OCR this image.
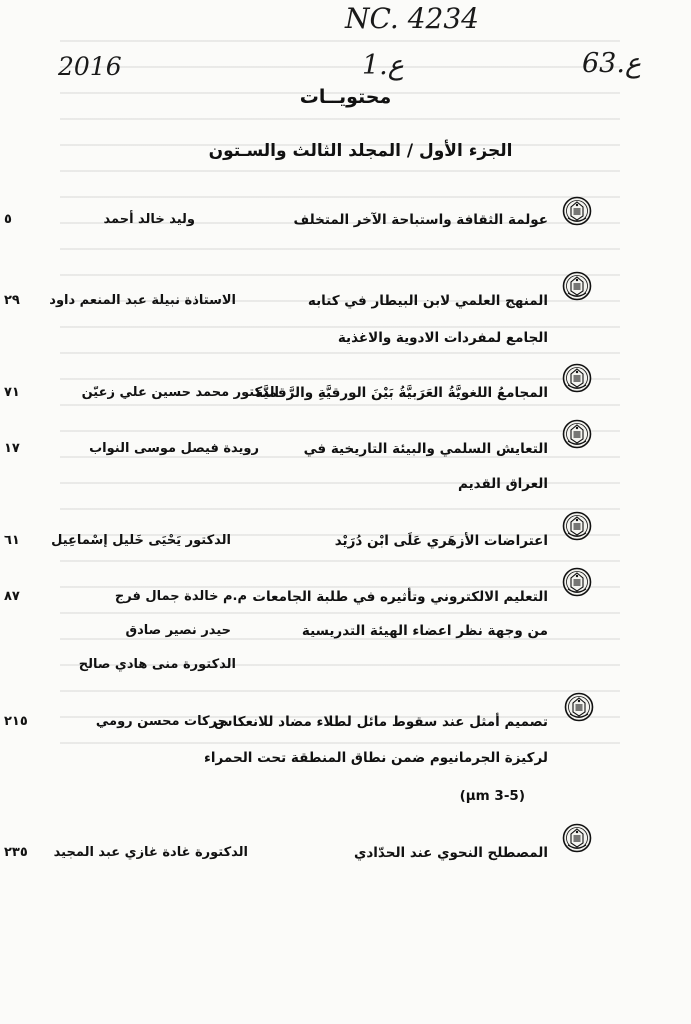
NC. 4234
2016	1.ع	63.ع
محتويــات
الجزء الأول / المجلد الثالث والسـتون
عولمة الثقافة واستباحة الآخر المتخلف
وليد خالد أحمد
٥
المنهج العلمي لابن البيطار في كتابه
الجامع لمفردات الادوية والاغذية
الاستاذة نبيلة عبد المنعم داود
٢٩
المجامعُ اللغويَّةُ العَرَبيَّةُ بَيْنَ الورقيَّةِ والرَّقميَّة
الدكتور محمد حسين علي زعيّن
٧١
التعايش السلمي والبيئة التاريخية في
العراق القديم
رويدة فيصل موسى النواب
١٧
اعتراضات الأزهَري عَلَى ابْن دُرَيْد
الدكتور يَحْيَى خَليل إسْماعِيل
٦١
التعليم الالكتروني وتأثيره في طلبة الجامعات
من وجهة نظر اعضاء الهيئة التدريسية
م.م خالدة جمال فرج
حيدر نصير صادق
الدكتورة منى هادي صالح
٨٧
تصميم أمثل عند سقوط مائل لطلاء مضاد للانعكاس
لركيزة الجرمانيوم ضمن نطاق المنطقة تحت الحمراء
(μm 3-5)
حركات محسن رومي
٢١٥
المصطلح النحوي عند الحدّادي
الدكتورة غادة غازي عبد المجيد
٢٣٥
